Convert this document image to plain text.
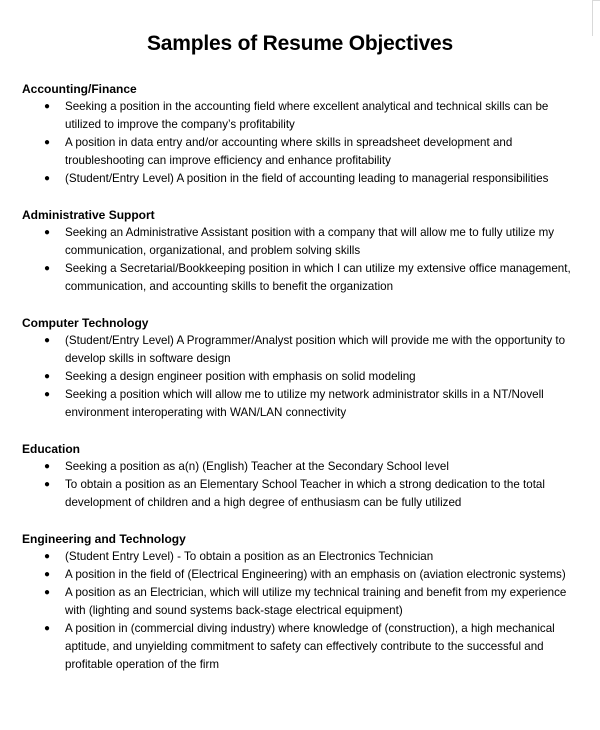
Samples of Resume Objectives
Accounting/Finance
● Seeking a position in the accounting field where excellent analytical and technical skills can be utilized to improve the company’s profitability
● A position in data entry and/or accounting where skills in spreadsheet development and troubleshooting can improve efficiency and enhance profitability
● (Student/Entry Level) A position in the field of accounting leading to managerial responsibilities
Administrative Support
● Seeking an Administrative Assistant position with a company that will allow me to fully utilize my communication, organizational, and problem solving skills
● Seeking a Secretarial/Bookkeeping position in which I can utilize my extensive office management, communication, and accounting skills to benefit the organization
Computer Technology
● (Student/Entry Level) A Programmer/Analyst position which will provide me with the opportunity to develop skills in software design
● Seeking a design engineer position with emphasis on solid modeling
● Seeking a position which will allow me to utilize my network administrator skills in a NT/Novell environment interoperating with WAN/LAN connectivity
Education
● Seeking a position as a(n) (English) Teacher at the Secondary School level
● To obtain a position as an Elementary School Teacher in which a strong dedication to the total development of children and a high degree of enthusiasm can be fully utilized
Engineering and Technology
● (Student Entry Level) - To obtain a position as an Electronics Technician
● A position in the field of (Electrical Engineering) with an emphasis on (aviation electronic systems)
● A position as an Electrician, which will utilize my technical training and benefit from my experience with (lighting and sound systems back-stage electrical equipment)
● A position in (commercial diving industry) where knowledge of (construction), a high mechanical aptitude, and unyielding commitment to safety can effectively contribute to the successful and profitable operation of the firm
